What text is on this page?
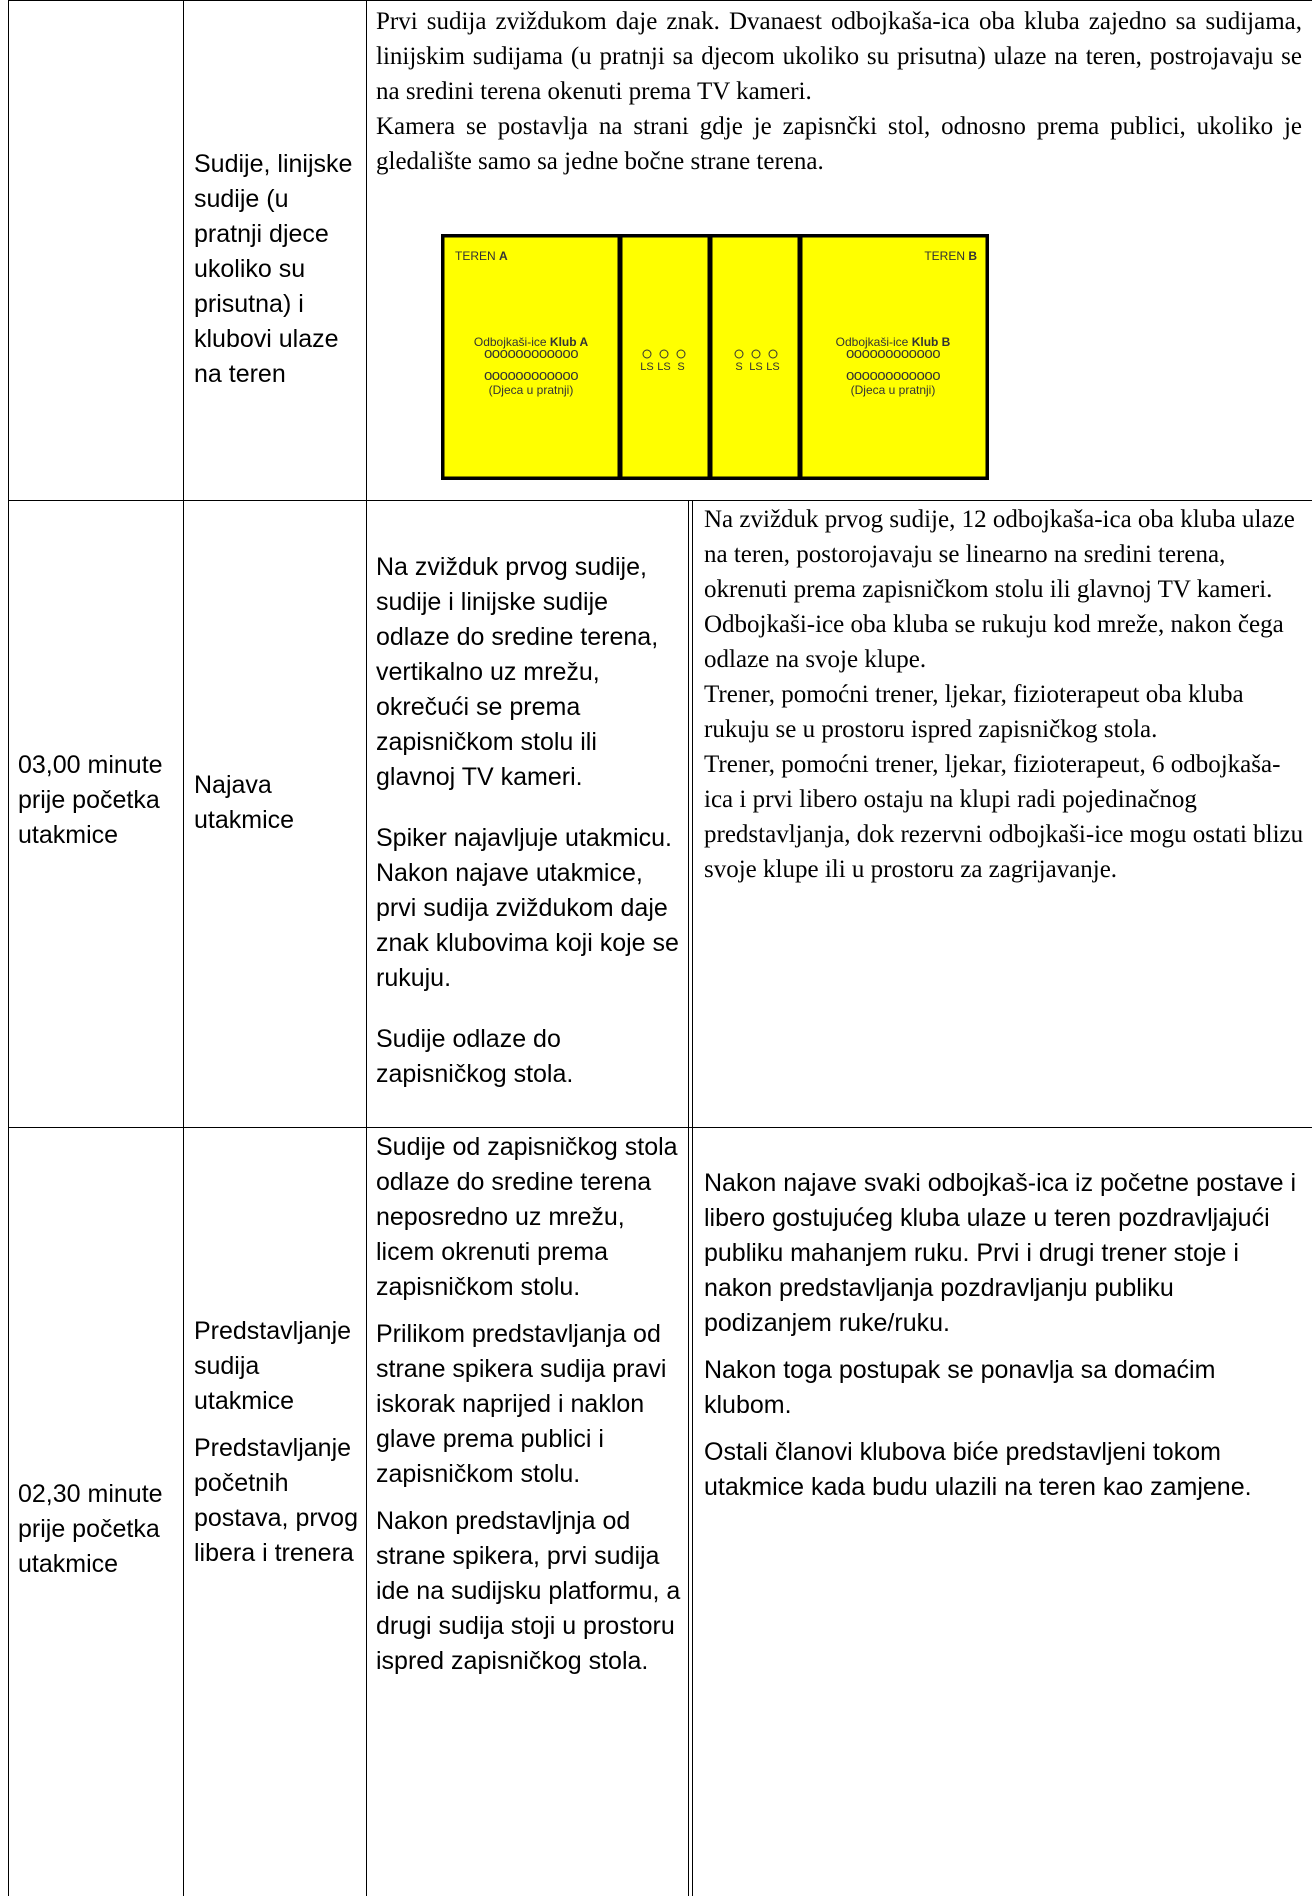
Sudije, linijske sudije (u pratnji djece ukoliko su prisutna) i klubovi ulaze na teren

Prvi sudija zviždukom daje znak. Dvanaest odbojkaša-ica oba kluba zajedno sa sudijama, linijskim sudijama (u pratnji sa djecom ukoliko su prisutna) ulaze na teren, postrojavaju se na sredini terena okenuti prema TV kameri.

Kamera se postavlja na strani gdje je zapisnčki stol, odnosno prema publici, ukoliko je gledalište samo sa jedne bočne strane terena.

TEREN A	TEREN B
Odbojkaši-ice Klub A
oooooooooooo
oooooooooooo
(Djeca u pratnji)
Odbojkaši-ice Klub B
oooooooooooo
oooooooooooo
(Djeca u pratnji)
LS LS S	S LS LS

03,00 minute prije početka utakmice

Najava utakmice

Na zvižduk prvog sudije, sudije i linijske sudije odlaze do sredine terena, vertikalno uz mrežu, okrečući se prema zapisničkom stolu ili glavnoj TV kameri.

Spiker najavljuje utakmicu. Nakon najave utakmice, prvi sudija zviždukom daje znak klubovima koji koje se rukuju.

Sudije odlaze do zapisničkog stola.

Na zvižduk prvog sudije, 12 odbojkaša-ica oba kluba ulaze na teren, postorojavaju se linearno na sredini terena, okrenuti prema zapisničkom stolu ili glavnoj TV kameri.

Odbojkaši-ice oba kluba se rukuju kod mreže, nakon čega odlaze na svoje klupe.

Trener, pomoćni trener, ljekar, fizioterapeut oba kluba rukuju se u prostoru ispred zapisničkog stola.

Trener, pomoćni trener, ljekar, fizioterapeut, 6 odbojkaša-ica i prvi libero ostaju na klupi radi pojedinačnog predstavljanja, dok rezervni odbojkaši-ice mogu ostati blizu svoje klupe ili u prostoru za zagrijavanje.

02,30 minute prije početka utakmice

Predstavljanje sudija utakmice

Predstavljanje početnih postava, prvog libera i trenera

Sudije od zapisničkog stola odlaze do sredine terena neposredno uz mrežu, licem okrenuti prema zapisničkom stolu.

Prilikom predstavljanja od strane spikera sudija pravi iskorak naprijed i naklon glave prema publici i zapisničkom stolu.

Nakon predstavljnja od strane spikera, prvi sudija ide na sudijsku platformu, a drugi sudija stoji u prostoru ispred zapisničkog stola.

Nakon najave svaki odbojkaš-ica iz početne postave i libero gostujućeg kluba ulaze u teren pozdravljajući publiku mahanjem ruku. Prvi i drugi trener stoje i nakon predstavljanja pozdravljanju publiku podizanjem ruke/ruku.

Nakon toga postupak se ponavlja sa domaćim klubom.

Ostali članovi klubova biće predstavljeni tokom utakmice kada budu ulazili na teren kao zamjene.
